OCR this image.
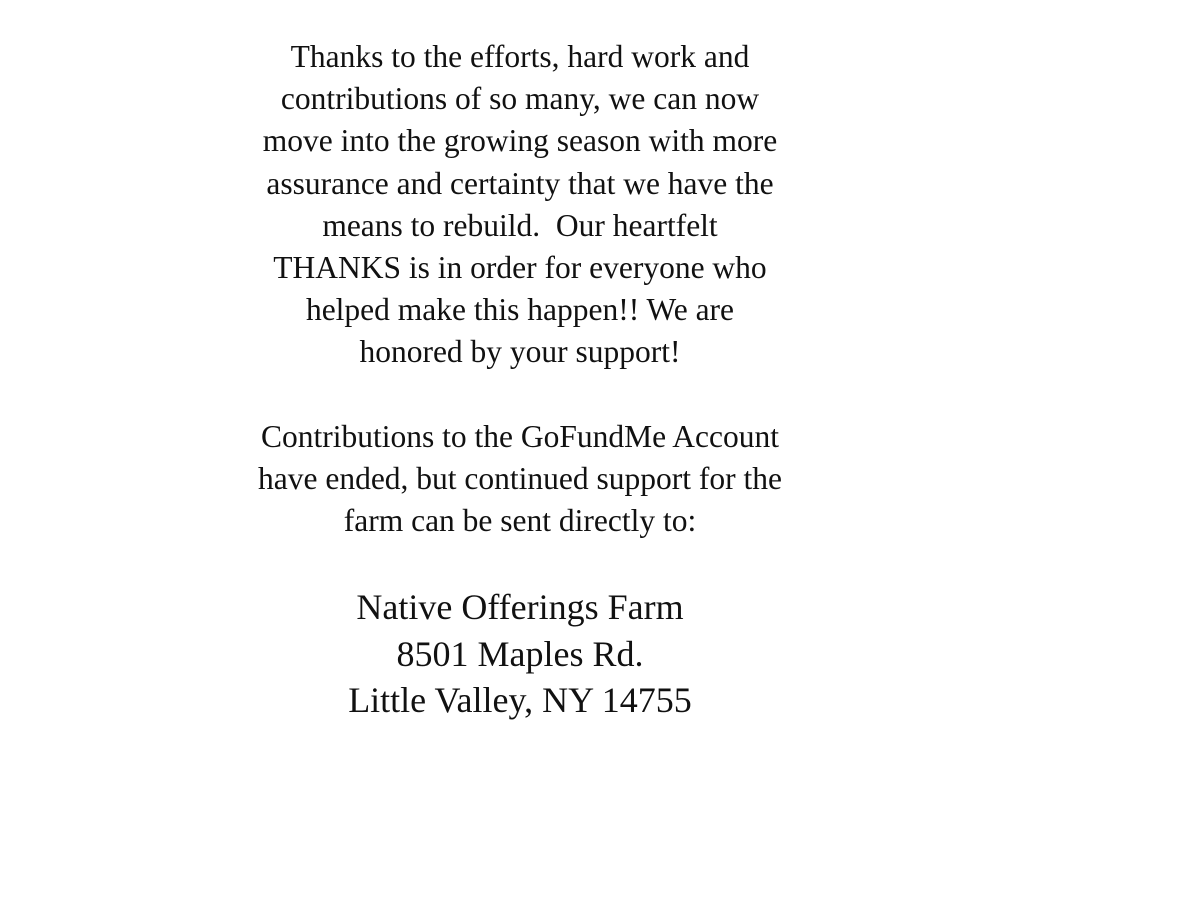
Thanks to the efforts, hard work and
contributions of so many, we can now
move into the growing season with more
assurance and certainty that we have the
means to rebuild.  Our heartfelt
THANKS is in order for everyone who
helped make this happen!! We are
honored by your support!

Contributions to the GoFundMe Account
have ended, but continued support for the
farm can be sent directly to:

Native Offerings Farm
8501 Maples Rd.
Little Valley, NY 14755
